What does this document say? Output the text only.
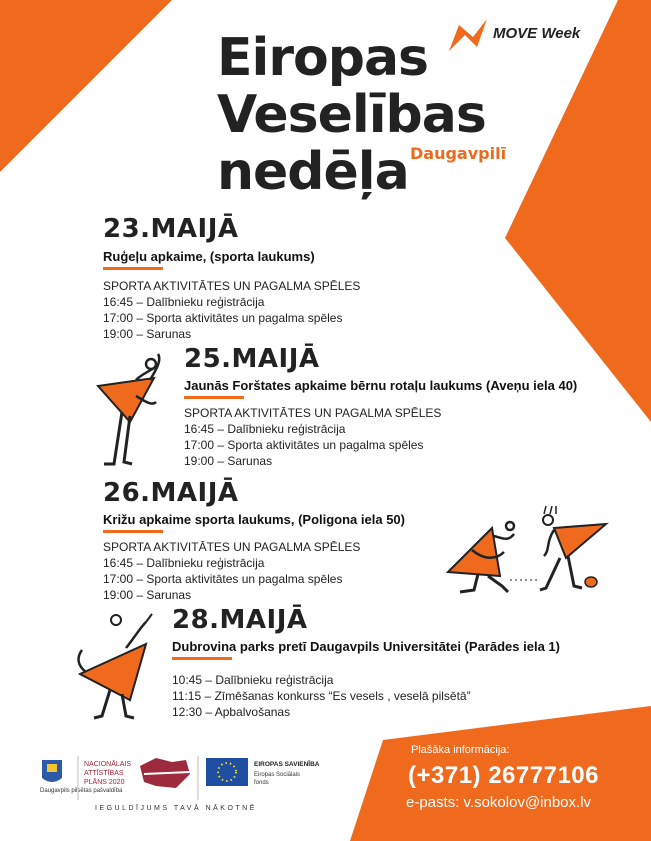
MOVE Week
Eiropas
Veselības
nedēļa Daugavpilī
23.MAIJĀ
Ruģeļu apkaime, (sporta laukums)
SPORTA AKTIVITĀTES UN PAGALMA SPĒLES
16:45 – Dalībnieku reģistrācija
17:00 – Sporta aktivitātes un pagalma spēles
19:00 – Sarunas
25.MAIJĀ
Jaunās Forštates apkaime bērnu rotaļu laukums (Aveņu iela 40)
SPORTA AKTIVITĀTES UN PAGALMA SPĒLES
16:45 – Dalībnieku reģistrācija
17:00 – Sporta aktivitātes un pagalma spēles
19:00 – Sarunas
26.MAIJĀ
Križu apkaime sporta laukums, (Poligona iela 50)
SPORTA AKTIVITĀTES UN PAGALMA SPĒLES
16:45 – Dalībnieku reģistrācija
17:00 – Sporta aktivitātes un pagalma spēles
19:00 – Sarunas
28.MAIJĀ
Dubrovina parks pretī Daugavpils Universitātei (Parādes iela 1)
10:45 – Dalībnieku reģistrācija
11:15 – Zīmēšanas konkurss “Es vesels , veselā pilsētā”
12:30 – Apbalvošanas
Daugavpils pilsētas pašvaldība
NACIONĀLAIS
ATTĪSTĪBAS
PLĀNS 2020
EIROPAS SAVIENĪBA
Eiropas Sociālais
fonds
IEGULDĪJUMS TAVĀ NĀKOTNĒ
Plašāka informācija:
(+371) 26777106
e-pasts: v.sokolov@inbox.lv
